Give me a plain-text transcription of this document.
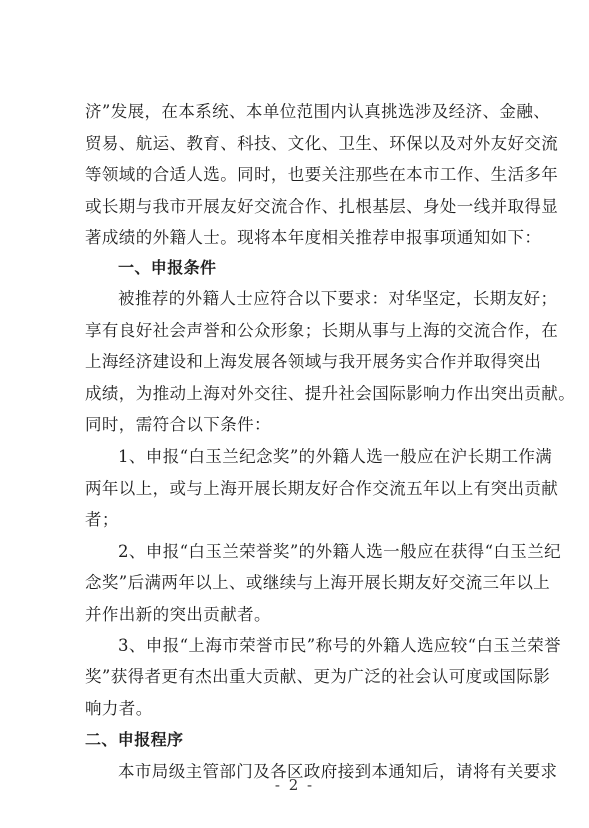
济”发展，在本系统、本单位范围内认真挑选涉及经济、金融、
贸易、航运、教育、科技、文化、卫生、环保以及对外友好交流
等领域的合适人选。同时，也要关注那些在本市工作、生活多年
或长期与我市开展友好交流合作、扎根基层、身处一线并取得显
著成绩的外籍人士。现将本年度相关推荐申报事项通知如下：
一、申报条件
被推荐的外籍人士应符合以下要求：对华坚定，长期友好；
享有良好社会声誉和公众形象；长期从事与上海的交流合作，在
上海经济建设和上海发展各领域与我开展务实合作并取得突出
成绩，为推动上海对外交往、提升社会国际影响力作出突出贡献。
同时，需符合以下条件：
1、申报“白玉兰纪念奖”的外籍人选一般应在沪长期工作满
两年以上，或与上海开展长期友好合作交流五年以上有突出贡献
者；
2、申报“白玉兰荣誉奖”的外籍人选一般应在获得“白玉兰纪
念奖”后满两年以上、或继续与上海开展长期友好交流三年以上
并作出新的突出贡献者。
3、申报“上海市荣誉市民”称号的外籍人选应较“白玉兰荣誉
奖”获得者更有杰出重大贡献、更为广泛的社会认可度或国际影
响力者。
二、申报程序
本市局级主管部门及各区政府接到本通知后，请将有关要求
- 2 -
